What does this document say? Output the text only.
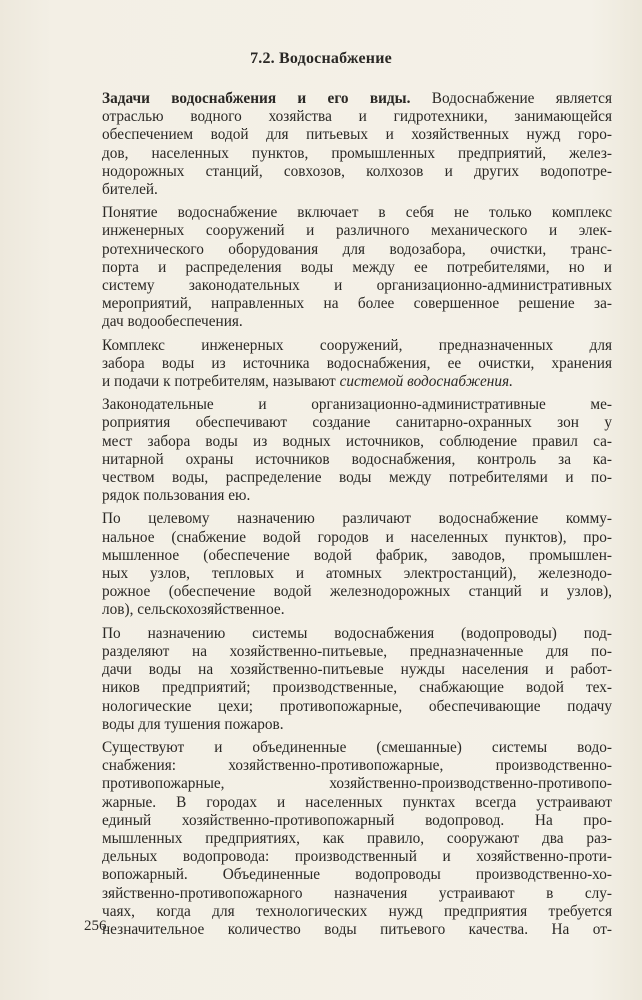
7.2. Водоснабжение
Задачи водоснабжения и его виды. Водоснабжение является
отраслью водного хозяйства и гидротехники, занимающейся
обеспечением водой для питьевых и хозяйственных нужд горо-
дов, населенных пунктов, промышленных предприятий, желез-
нодорожных станций, совхозов, колхозов и других водопотре-
бителей.
Понятие водоснабжение включает в себя не только комплекс
инженерных сооружений и различного механического и элек-
ротехнического оборудования для водозабора, очистки, транс-
порта и распределения воды между ее потребителями, но и
систему законодательных и организационно-административных
мероприятий, направленных на более совершенное решение за-
дач водообеспечения.
Комплекс инженерных сооружений, предназначенных для
забора воды из источника водоснабжения, ее очистки, хранения
и подачи к потребителям, называют системой водоснабжения.
Законодательные и организационно-административные ме-
роприятия обеспечивают создание санитарно-охранных зон у
мест забора воды из водных источников, соблюдение правил са-
нитарной охраны источников водоснабжения, контроль за ка-
чеством воды, распределение воды между потребителями и по-
рядок пользования ею.
По целевому назначению различают водоснабжение комму-
нальное (снабжение водой городов и населенных пунктов), про-
мышленное (обеспечение водой фабрик, заводов, промышлен-
ных узлов, тепловых и атомных электростанций), железнодо-
рожное (обеспечение водой железнодорожных станций и узлов),
лов), сельскохозяйственное.
По назначению системы водоснабжения (водопроводы) под-
разделяют на хозяйственно-питьевые, предназначенные для по-
дачи воды на хозяйственно-питьевые нужды населения и работ-
ников предприятий; производственные, снабжающие водой тех-
нологические цехи; противопожарные, обеспечивающие подачу
воды для тушения пожаров.
Существуют и объединенные (смешанные) системы водо-
снабжения: хозяйственно-противопожарные, производственно-
противопожарные, хозяйственно-производственно-противопо-
жарные. В городах и населенных пунктах всегда устраивают
единый хозяйственно-противопожарный водопровод. На про-
мышленных предприятиях, как правило, сооружают два раз-
дельных водопровода: производственный и хозяйственно-проти-
вопожарный. Объединенные водопроводы производственно-хо-
зяйственно-противопожарного назначения устраивают в слу-
чаях, когда для технологических нужд предприятия требуется
незначительное количество воды питьевого качества. На от-
256
